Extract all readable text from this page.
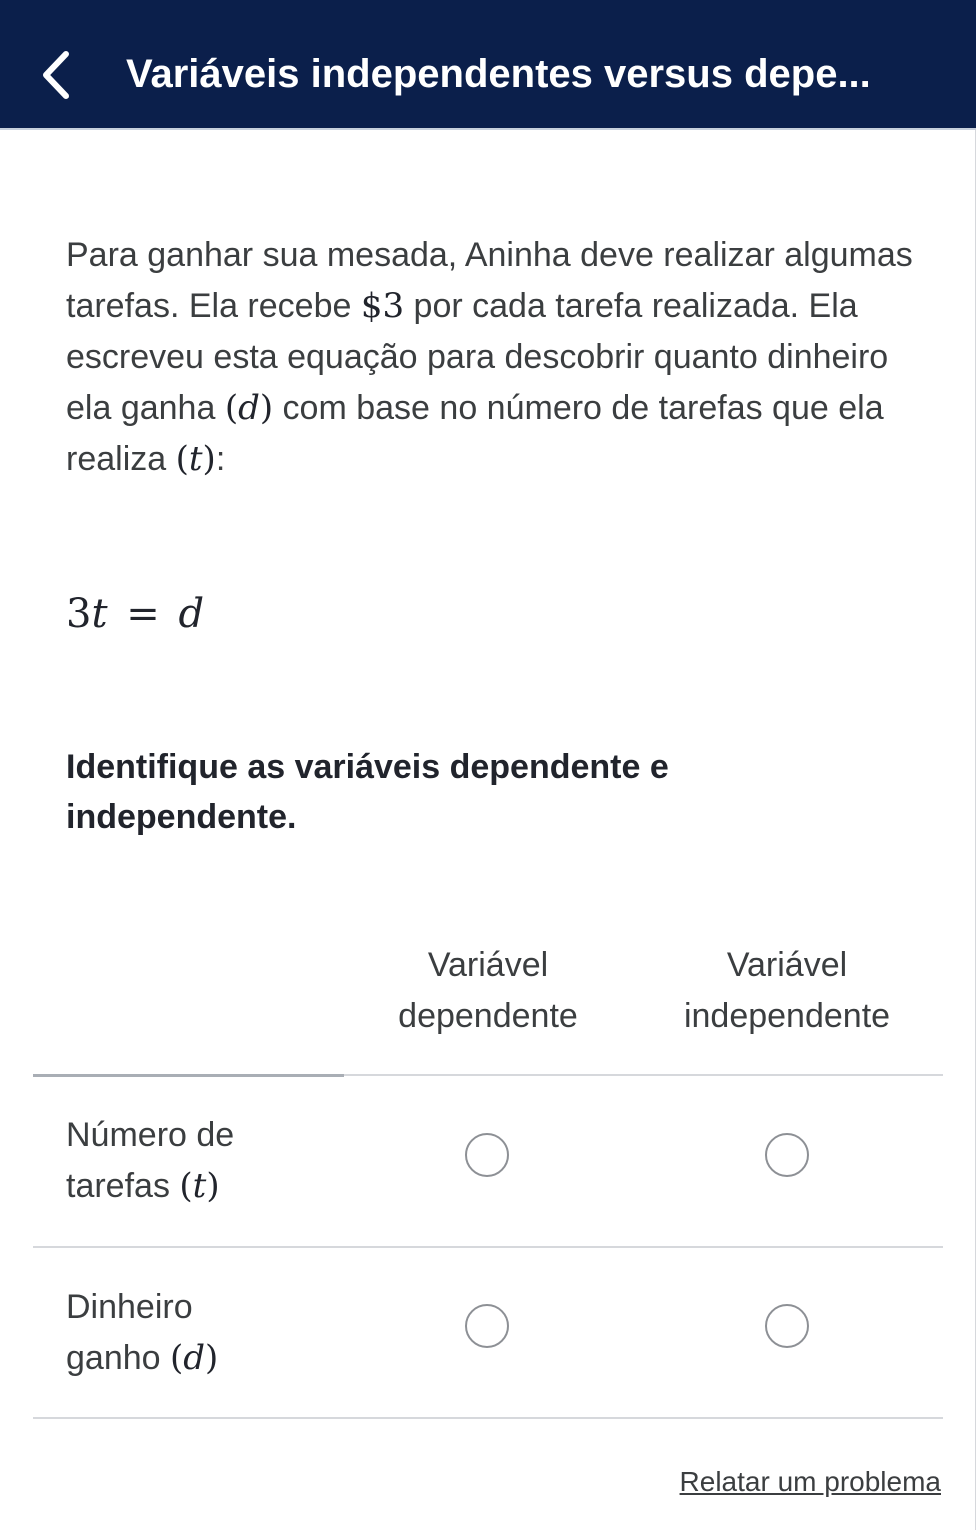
Variáveis independentes versus depe...
Para ganhar sua mesada, Aninha deve realizar algumas tarefas. Ela recebe $3 por cada tarefa realizada. Ela escreveu esta equação para descobrir quanto dinheiro ela ganha (d) com base no número de tarefas que ela realiza (t):
3t = d
Identifique as variáveis dependente e independente.
Variável
dependente
Variável
independente
Número de
tarefas (t)
Dinheiro
ganho (d)
Relatar um problema
